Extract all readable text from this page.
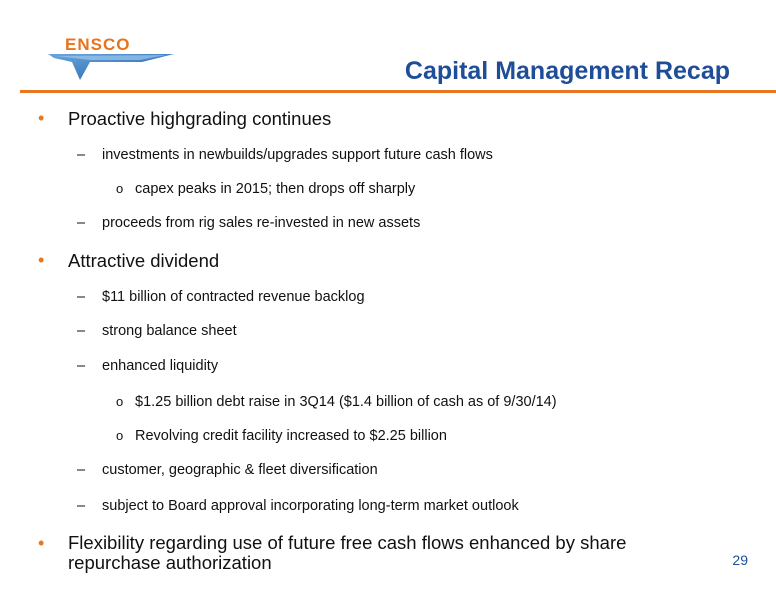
ENSCO
Capital Management Recap
• Proactive highgrading continues
– investments in newbuilds/upgrades support future cash flows
o capex peaks in 2015; then drops off sharply
– proceeds from rig sales re-invested in new assets
• Attractive dividend
– $11 billion of contracted revenue backlog
– strong balance sheet
– enhanced liquidity
o $1.25 billion debt raise in 3Q14 ($1.4 billion of cash as of 9/30/14)
o Revolving credit facility increased to $2.25 billion
– customer, geographic & fleet diversification
– subject to Board approval incorporating long-term market outlook
• Flexibility regarding use of future free cash flows enhanced by share repurchase authorization	29
